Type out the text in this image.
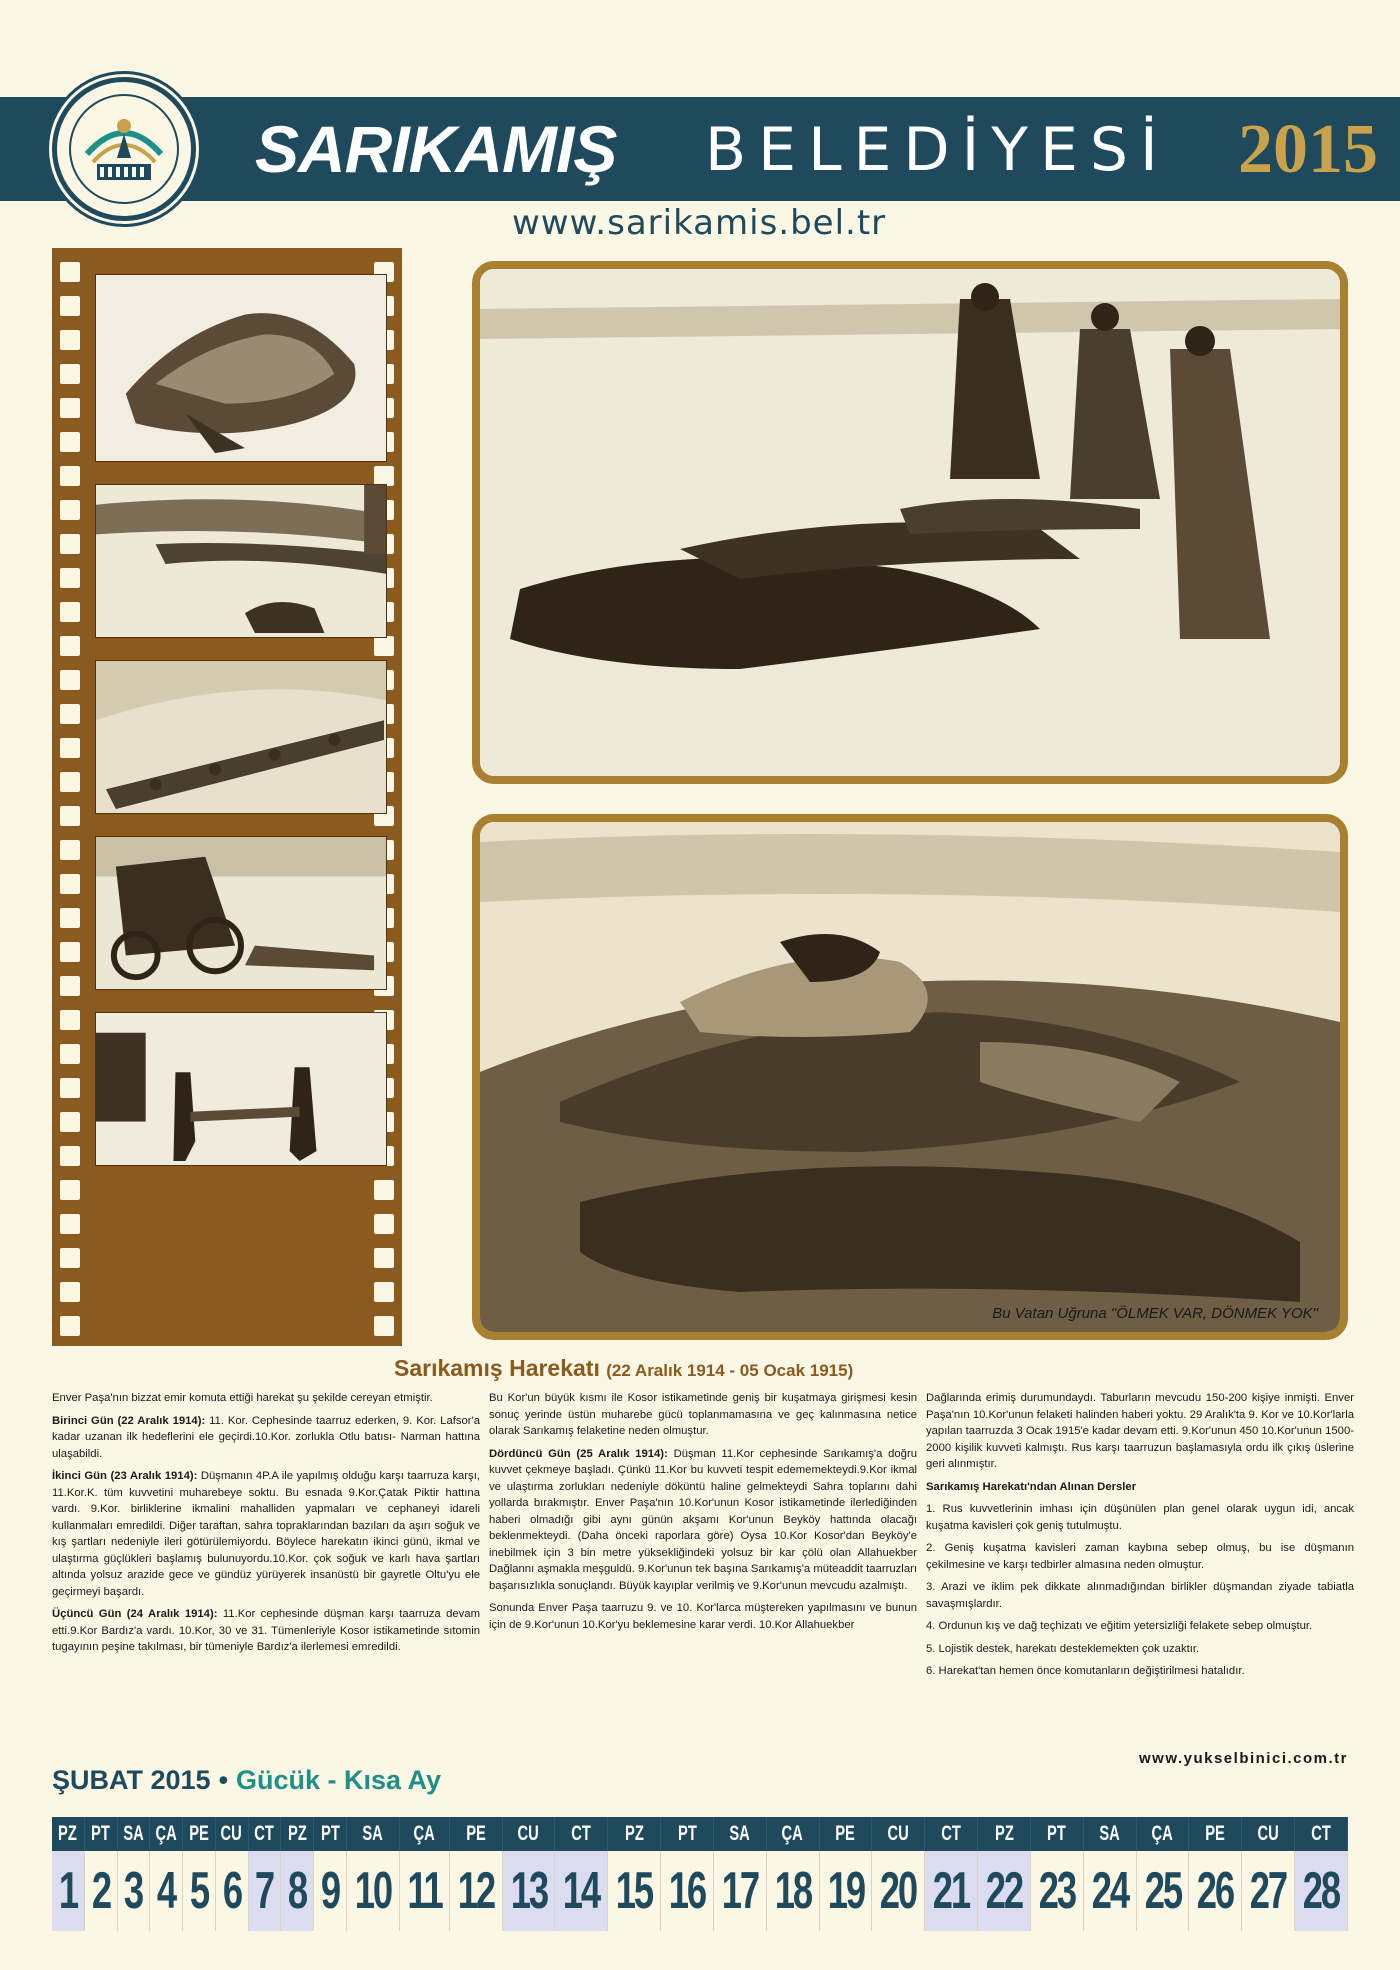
SARIKAMIŞ BELEDİYESİ 2015
www.sarikamis.bel.tr
Bu Vatan Uğruna "ÖLMEK VAR, DÖNMEK YOK"
Sarıkamış Harekatı (22 Aralık 1914 - 05 Ocak 1915)

Enver Paşa'nın bizzat emir komuta ettiği harekat şu şekilde cereyan etmiştir.

Birinci Gün (22 Aralık 1914): 11. Kor. Cephesinde taarruz ederken, 9. Kor. Lafsor'a kadar uzanan ilk hedeflerini ele geçirdi.10.Kor. zorlukla Otlu batısı- Narman hattına ulaşabildi.

İkinci Gün (23 Aralık 1914): Düşmanın 4P.A ile yapılmış olduğu karşı taarruza karşı, 11.Kor.K. tüm kuvvetini muharebeye soktu. Bu esnada 9.Kor.Çatak Piktir hattına vardı. 9.Kor. birliklerine ikmalini mahalliden yapmaları ve cephaneyi idareli kullanmaları emredildi. Diğer taraftan, sahra topraklarından bazıları da aşırı soğuk ve kış şartları nedeniyle ileri götürülemiyordu. Böylece harekatın ikinci günü, ikmal ve ulaştırma güçlükleri başlamış bulunuyordu.10.Kor. çok soğuk ve karlı hava şartları altında yolsuz arazide gece ve gündüz yürüyerek insanüstü bir gayretle Oltu'yu ele geçirmeyi başardı.

Üçüncü Gün (24 Aralık 1914): 11.Kor cephesinde düşman karşı taarruza devam etti.9.Kor Bardız'a vardı. 10.Kor, 30 ve 31. Tümenleriyle Kosor istikametinde sıtomin tugayının peşine takılması, bir tümeniyle Bardız'a ilerlemesi emredildi.

Bu Kor'un büyük kısmı ile Kosor istikametinde geniş bir kuşatmaya girişmesi kesin sonuç yerinde üstün muharebe gücü toplanmamasına ve geç kalınmasına netice olarak Sarıkamış felaketine neden olmuştur.

Dördüncü Gün (25 Aralık 1914): Düşman 11.Kor cephesinde Sarıkamış'a doğru kuvvet çekmeye başladı. Çünkü 11.Kor bu kuvveti tespit edememekteydi.9.Kor ikmal ve ulaştırma zorlukları nedeniyle döküntü haline gelmekteydi Sahra toplarını dahi yollarda bırakmıştır. Enver Paşa'nın 10.Kor'unun Kosor istikametinde ilerlediğinden haberi olmadığı gibi aynı günün akşamı Kor'unun Beyköy hattında olacağı beklenmekteydi. (Daha önceki raporlara göre) Oysa 10.Kor Kosor'dan Beyköy'e inebilmek için 3 bin metre yüksekliğindeki yolsuz bir kar çölü olan Allahuekber Dağlannı aşmakla meşguldü. 9.Kor'unun tek başına Sarıkamış'a müteaddit taarruzları başarısızlıkla sonuçlandı. Büyük kayıplar verilmiş ve 9.Kor'unun mevcudu azalmıştı.

Sonunda Enver Paşa taarruzu 9. ve 10. Kor'larca müştereken yapılmasını ve bunun için de 9.Kor'unun 10.Kor'yu beklemesine karar verdi. 10.Kor Allahuekber

Dağlarında erimiş durumundaydı. Taburların mevcudu 150-200 kişiye inmişti. Enver Paşa'nın 10.Kor'unun felaketi halinden haberi yoktu. 29 Aralık'ta 9. Kor ve 10.Kor'larla yapılan taarruzda 3 Ocak 1915'e kadar devam etti. 9.Kor'unun 450 10.Kor'unun 1500-2000 kişilik kuvveti kalmıştı. Rus karşı taarruzun başlamasıyla ordu ilk çıkış üslerine geri alınmıştır.

Sarıkamış Harekatı'ndan Alınan Dersler

1. Rus kuvvetlerinin imhası için düşünülen plan genel olarak uygun idi, ancak kuşatma kavisleri çok geniş tutulmuştu.

2. Geniş kuşatma kavisleri zaman kaybına sebep olmuş, bu ise düşmanın çekilmesine ve karşı tedbirler almasına neden olmuştur.

3. Arazi ve iklim pek dikkate alınmadığından birlikler düşmandan ziyade tabiatla savaşmışlardır.

4. Ordunun kış ve dağ teçhizatı ve eğitim yetersizliği felakete sebep olmuştur.

5. Lojistik destek, harekatı desteklemekten çok uzaktır.

6. Harekat'tan hemen önce komutanların değiştirilmesi hatalıdır.

www.yukselbinici.com.tr
ŞUBAT 2015 • Gücük - Kısa Ay
PZ PT SA ÇA PE CU CT PZ PT	SA	ÇA	PE	CU	CT	PZ	PT	SA	ÇA	PE	CU	CT	PZ	PT	SA	ÇA	PE	CU	CT
1 2 3 4 5 6 7 8 9 10 11 12 13 14 15 16 17 18 19 20 21 22 23 24 25 26 27 28
